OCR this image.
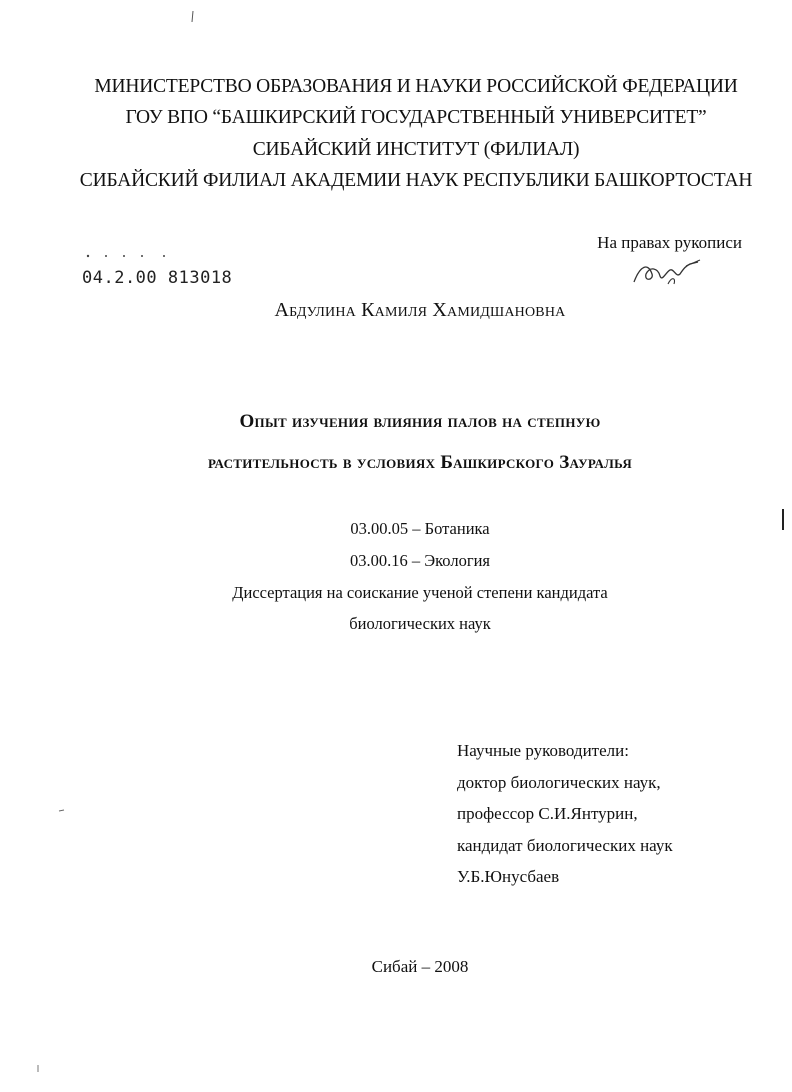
МИНИСТЕРСТВО ОБРАЗОВАНИЯ И НАУКИ РОССИЙСКОЙ ФЕДЕРАЦИИ
ГОУ ВПО “БАШКИРСКИЙ ГОСУДАРСТВЕННЫЙ УНИВЕРСИТЕТ”
СИБАЙСКИЙ ИНСТИТУТ (ФИЛИАЛ)
СИБАЙСКИЙ ФИЛИАЛ АКАДЕМИИ НАУК РЕСПУБЛИКИ БАШКОРТОСТАН
На правах рукописи
04.2.00 813018
Абдулина Камиля Хамидшановна
Опыт изучения влияния палов на степную
растительность в условиях Башкирского Зауралья
03.00.05 – Ботаника
03.00.16 – Экология
Диссертация на соискание ученой степени кандидата
биологических наук
Научные руководители:
доктор биологических наук,
профессор С.И.Янтурин,
кандидат биологических наук
У.Б.Юнусбаев
Сибай – 2008
